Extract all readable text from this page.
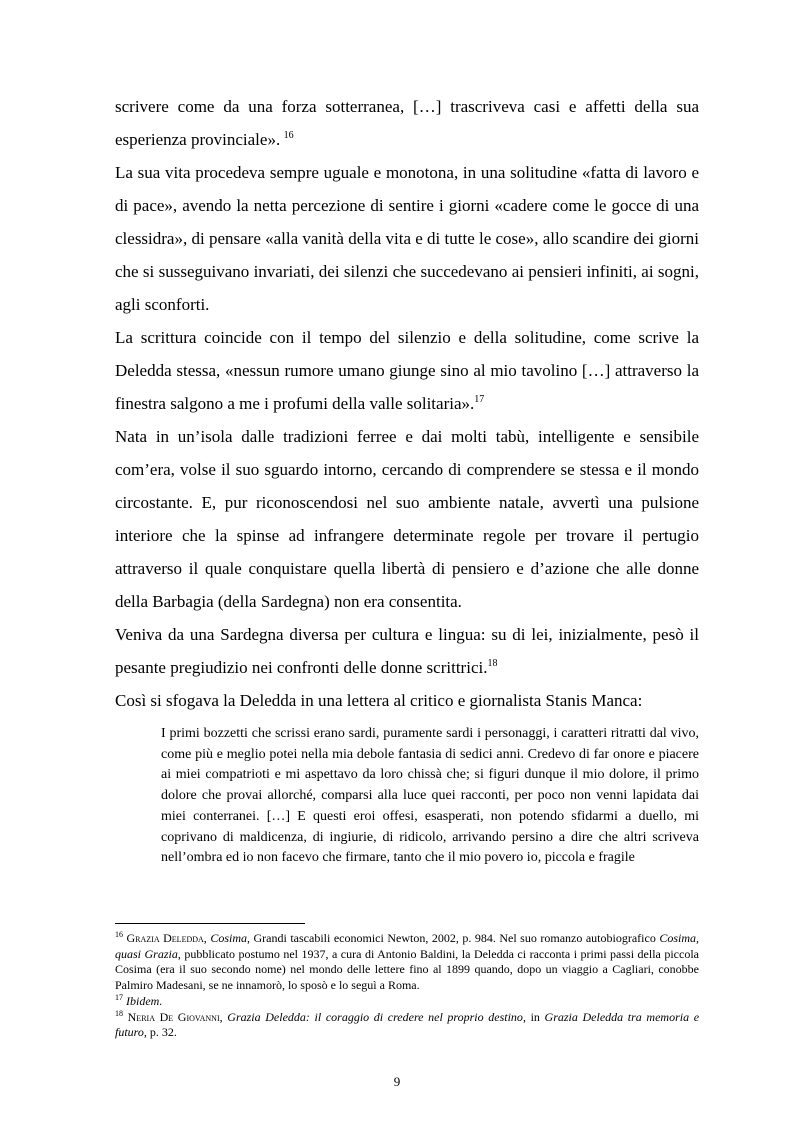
scrivere come da una forza sotterranea, […] trascriveva casi e affetti della sua esperienza provinciale».  $^{16}$

La sua vita procedeva sempre uguale e monotona, in una solitudine «fatta di lavoro e di pace», avendo la netta percezione di sentire i giorni «cadere come le gocce di una clessidra», di pensare «alla vanità della vita e di tutte le cose», allo scandire dei giorni che si susseguivano invariati, dei silenzi che succedevano ai pensieri infiniti, ai sogni, agli sconforti.

La scrittura coincide con il tempo del silenzio e della solitudine, come scrive la Deledda stessa, «nessun rumore umano giunge sino al mio tavolino […] attraverso la finestra salgono a me i profumi della valle solitaria».$^{17}$

Nata in un’isola dalle tradizioni ferree e dai molti tabù, intelligente e sensibile com’era, volse il suo sguardo intorno, cercando di comprendere se stessa e il mondo circostante. E, pur riconoscendosi nel suo ambiente natale, avvertì una pulsione interiore che la spinse ad infrangere determinate regole per trovare il pertugio attraverso il quale conquistare quella libertà di pensiero e d’azione che alle donne della Barbagia (della Sardegna) non era consentita.

Veniva da una Sardegna diversa per cultura e lingua: su di lei, inizialmente, pesò il pesante pregiudizio nei confronti delle donne scrittrici.$^{18}$

Così si sfogava la Deledda in una lettera al critico e giornalista Stanis Manca:

I primi bozzetti che scrissi erano sardi, puramente sardi i personaggi, i caratteri ritratti dal vivo, come più e meglio potei nella mia debole fantasia di sedici anni. Credevo di far onore e piacere ai miei compatrioti e mi aspettavo da loro chissà che; si figuri dunque il mio dolore, il primo dolore che provai allorché, comparsi alla luce quei racconti, per poco non venni lapidata dai miei conterranei. […] E questi eroi offesi, esasperati, non potendo sfidarmi a duello, mi coprivano di maldicenza, di ingiurie, di ridicolo, arrivando persino a dire che altri scriveva nell’ombra ed io non facevo che firmare, tanto che il mio povero io, piccola e fragile

$^{16}$ Grazia Deledda, Cosima, Grandi tascabili economici Newton, 2002, p. 984. Nel suo romanzo autobiografico Cosima, quasi Grazia, pubblicato postumo nel 1937, a cura di Antonio Baldini, la Deledda ci racconta i primi passi della piccola Cosima (era il suo secondo nome) nel mondo delle lettere fino al 1899 quando, dopo un viaggio a Cagliari, conobbe Palmiro Madesani, se ne innamorò, lo sposò e lo seguì a Roma.

$^{17}$ Ibidem.

$^{18}$ Neria De Giovanni, Grazia Deledda: il coraggio di credere nel proprio destino, in Grazia Deledda tra memoria e futuro, p. 32.

9
